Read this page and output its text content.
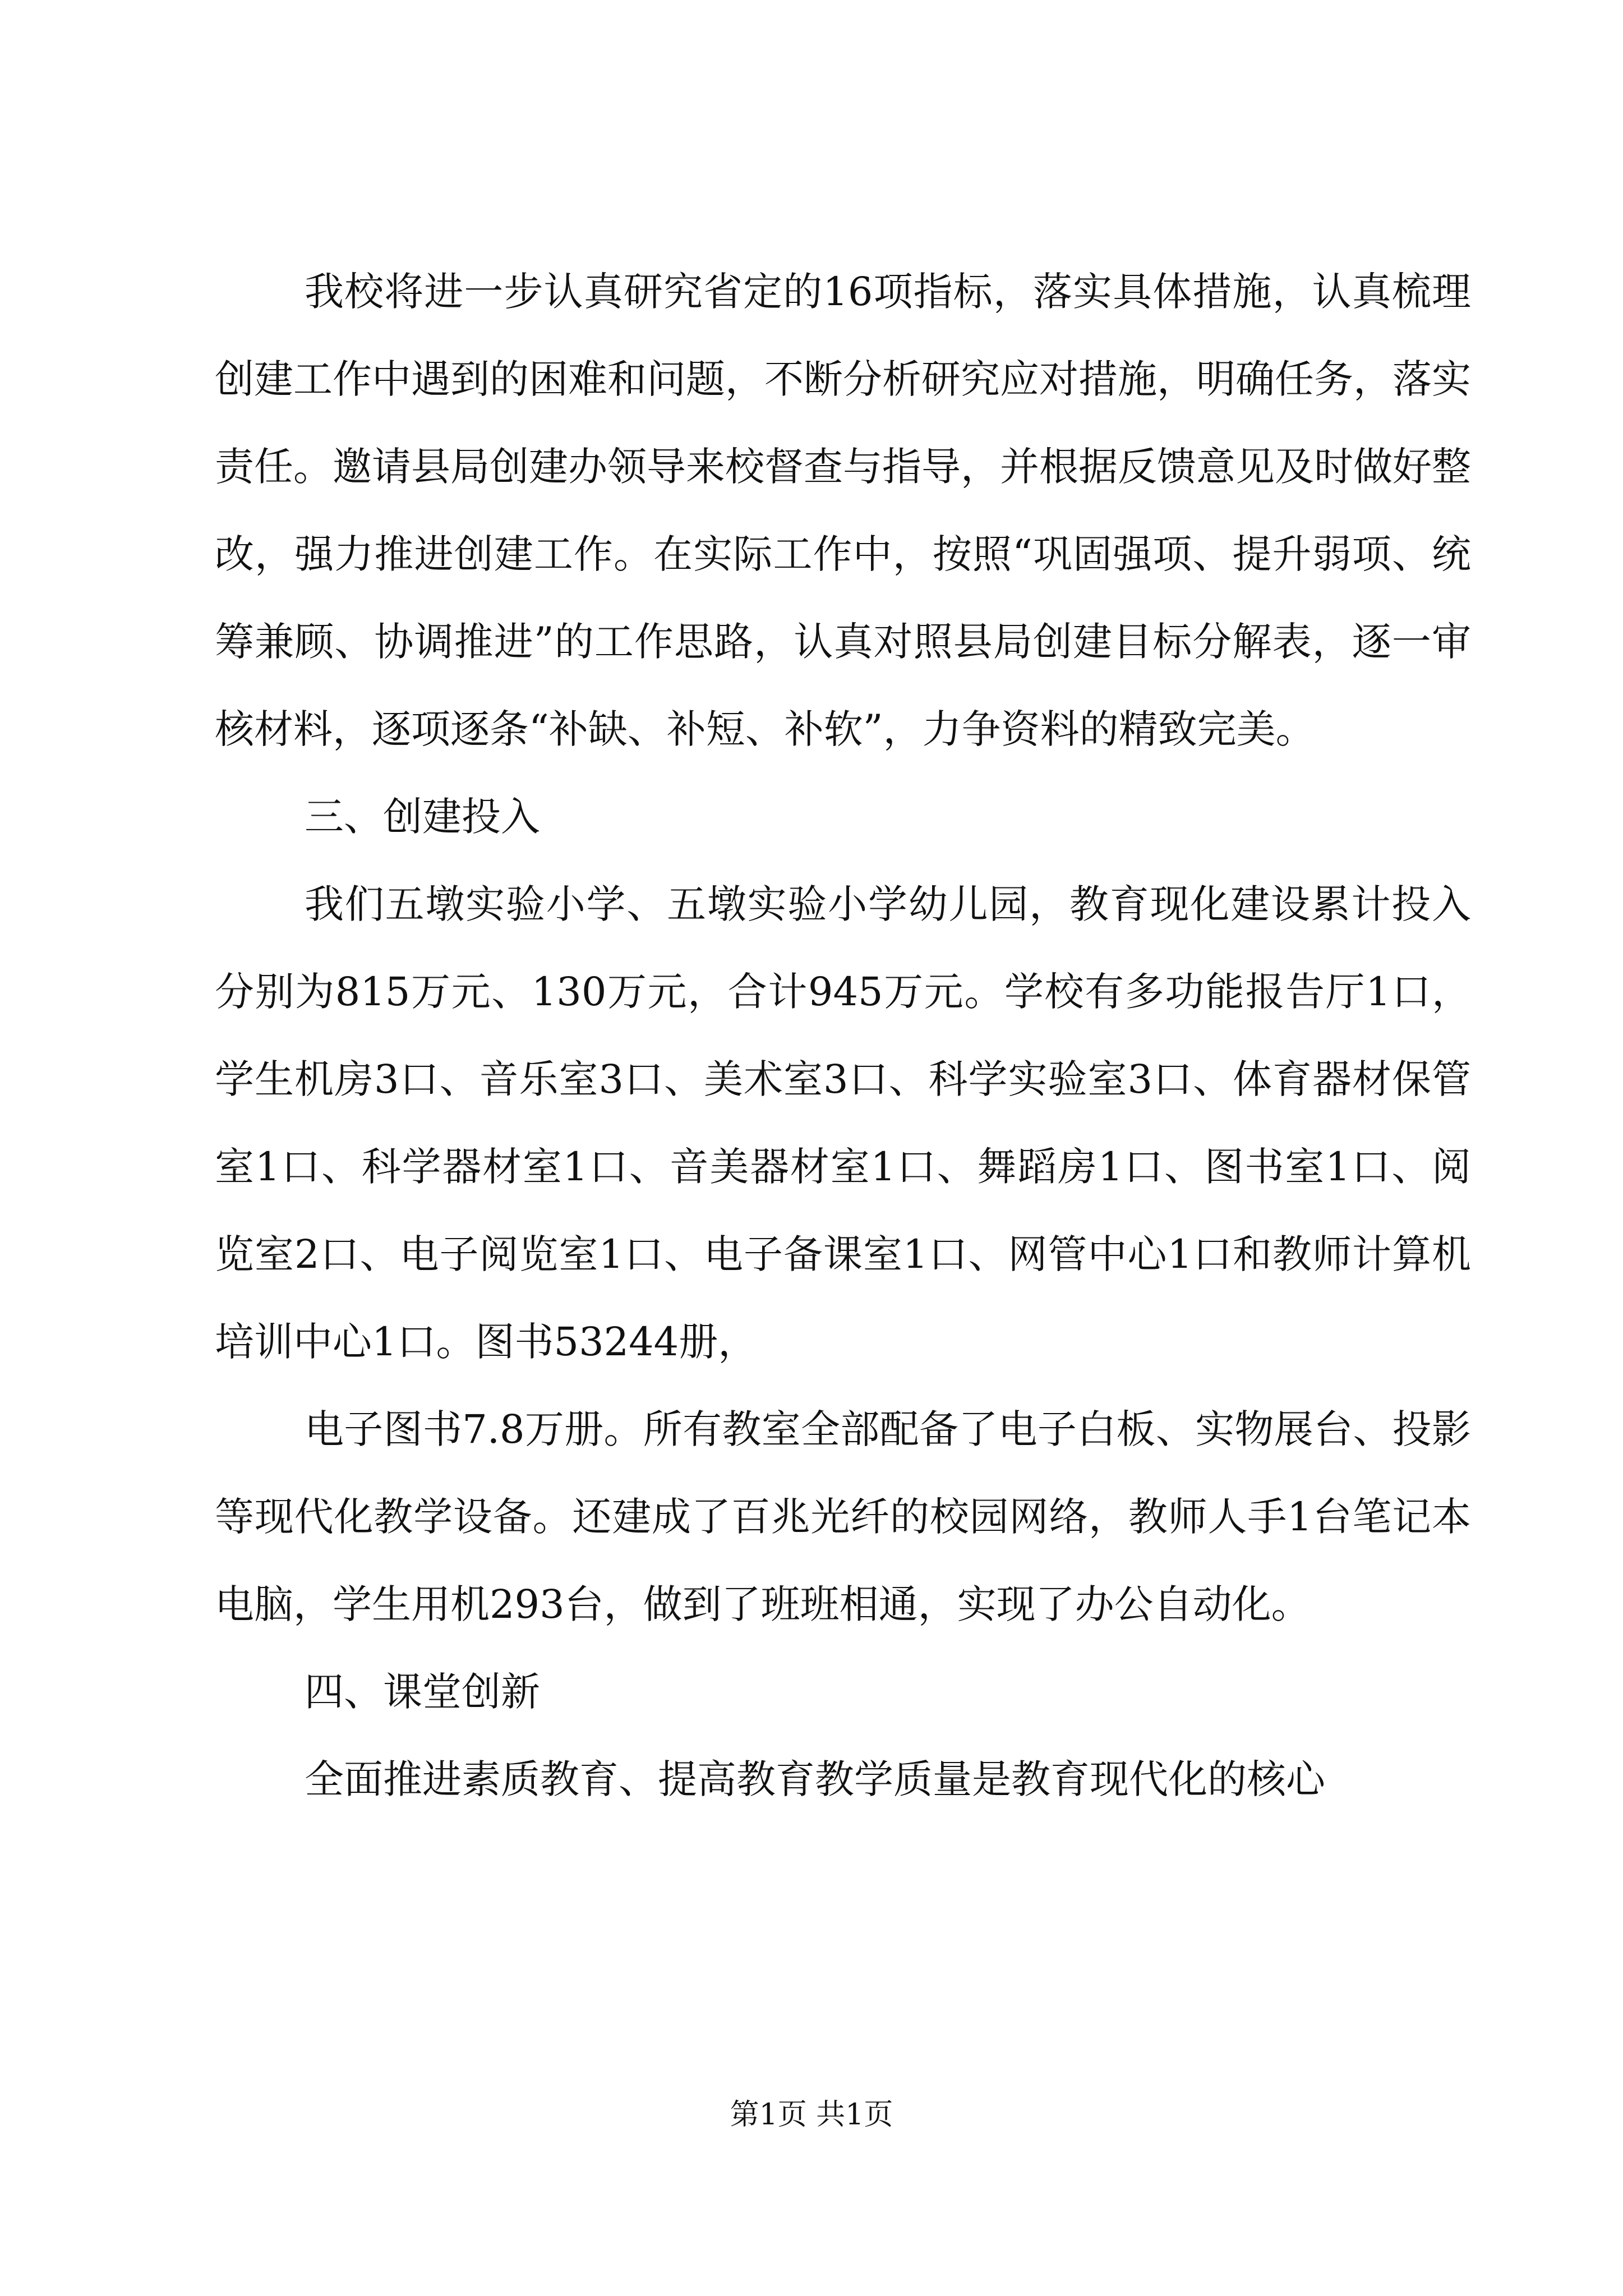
我校将进一步认真研究省定的16项指标，落实具体措施，认真梳理创建工作中遇到的困难和问题，不断分析研究应对措施，明确任务，落实责任。邀请县局创建办领导来校督查与指导，并根据反馈意见及时做好整改，强力推进创建工作。在实际工作中，按照“巩固强项、提升弱项、统筹兼顾、协调推进”的工作思路，认真对照县局创建目标分解表，逐一审核材料，逐项逐条“补缺、补短、补软”，力争资料的精致完美。

三、创建投入

我们五墩实验小学、五墩实验小学幼儿园，教育现化建设累计投入分别为815万元、130万元，合计945万元。学校有多功能报告厅1口，学生机房3口、音乐室3口、美术室3口、科学实验室3口、体育器材保管室1口、科学器材室1口、音美器材室1口、舞蹈房1口、图书室1口、阅览室2口、电子阅览室1口、电子备课室1口、网管中心1口和教师计算机培训中心1口。图书53244册，

电子图书7.8万册。所有教室全部配备了电子白板、实物展台、投影等现代化教学设备。还建成了百兆光纤的校园网络，教师人手1台笔记本电脑，学生用机293台，做到了班班相通，实现了办公自动化。

四、课堂创新

全面推进素质教育、提高教育教学质量是教育现代化的核心

第1页 共1页
